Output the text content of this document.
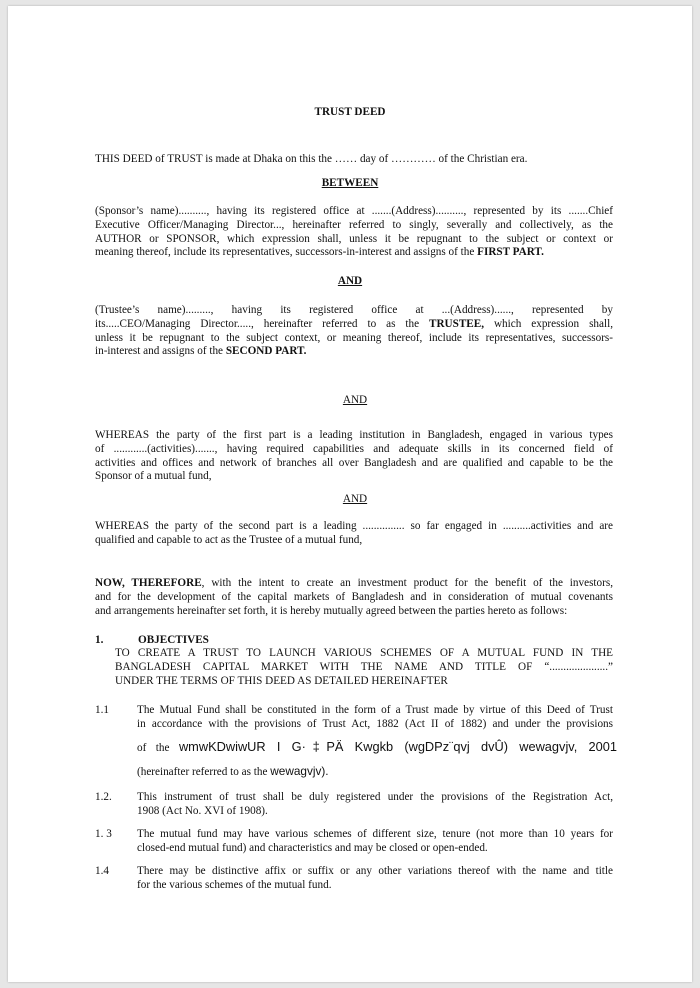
TRUST DEED

THIS DEED of TRUST is made at Dhaka on this the …… day of ………… of the Christian era.

BETWEEN

(Sponsor’s name).........., having its registered office at .......(Address).........., represented by its .......Chief
Executive Officer/Managing Director..., hereinafter referred to singly, severally and collectively, as the
AUTHOR or SPONSOR, which expression shall, unless it be repugnant to the subject or context or
meaning thereof, include its representatives, successors-in-interest and assigns of the FIRST PART.

AND

(Trustee’s name)........., having its registered office at ...(Address)......, represented by
its.....CEO/Managing Director....., hereinafter referred to as the TRUSTEE, which expression shall,
unless it be repugnant to the subject context, or meaning thereof, include its representatives, successors-
in-interest and assigns of the SECOND PART.

AND

WHEREAS the party of the first part is a leading institution in Bangladesh, engaged in various types
of ............(activities)......., having required capabilities and adequate skills in its concerned field of
activities and offices and network of branches all over Bangladesh and are qualified and capable to be the
Sponsor of a mutual fund,

AND

WHEREAS the party of the second part is a leading ............... so far engaged in ..........activities and are
qualified and capable to act as the Trustee of a mutual fund,
NOW, THEREFORE, with the intent to create an investment product for the benefit of the investors,
and for the development of the capital markets of Bangladesh and in consideration of mutual covenants
and arrangements hereinafter set forth, it is hereby mutually agreed between the parties hereto as follows:

1.	OBJECTIVES

TO CREATE A TRUST TO LAUNCH VARIOUS SCHEMES OF A MUTUAL FUND IN THE
BANGLADESH CAPITAL MARKET WITH THE NAME AND TITLE OF “.....................”
UNDER THE TERMS OF THIS DEED AS DETAILED HEREINAFTER

1.1	The Mutual Fund shall be constituted in the form of a Trust made by virtue of this Deed of Trust
in accordance with the provisions of Trust Act, 1882 (Act II of 1882) and under the provisions
of the wmwKDwiwUR I G·‡PÄ Kwgkb (wgDPz¨qvj dvÛ) wewagvjv, 2001
(hereinafter referred to as the wewagvjv).

1.2. This instrument of trust shall be duly registered under the provisions of the Registration Act,
1908 (Act No. XVI of 1908).

1. 3 The mutual fund may have various schemes of different size, tenure (not more than 10 years for
closed-end mutual fund) and characteristics and may be closed or open-ended.

1.4	There may be distinctive affix or suffix or any other variations thereof with the name and title
for the various schemes of the mutual fund.
